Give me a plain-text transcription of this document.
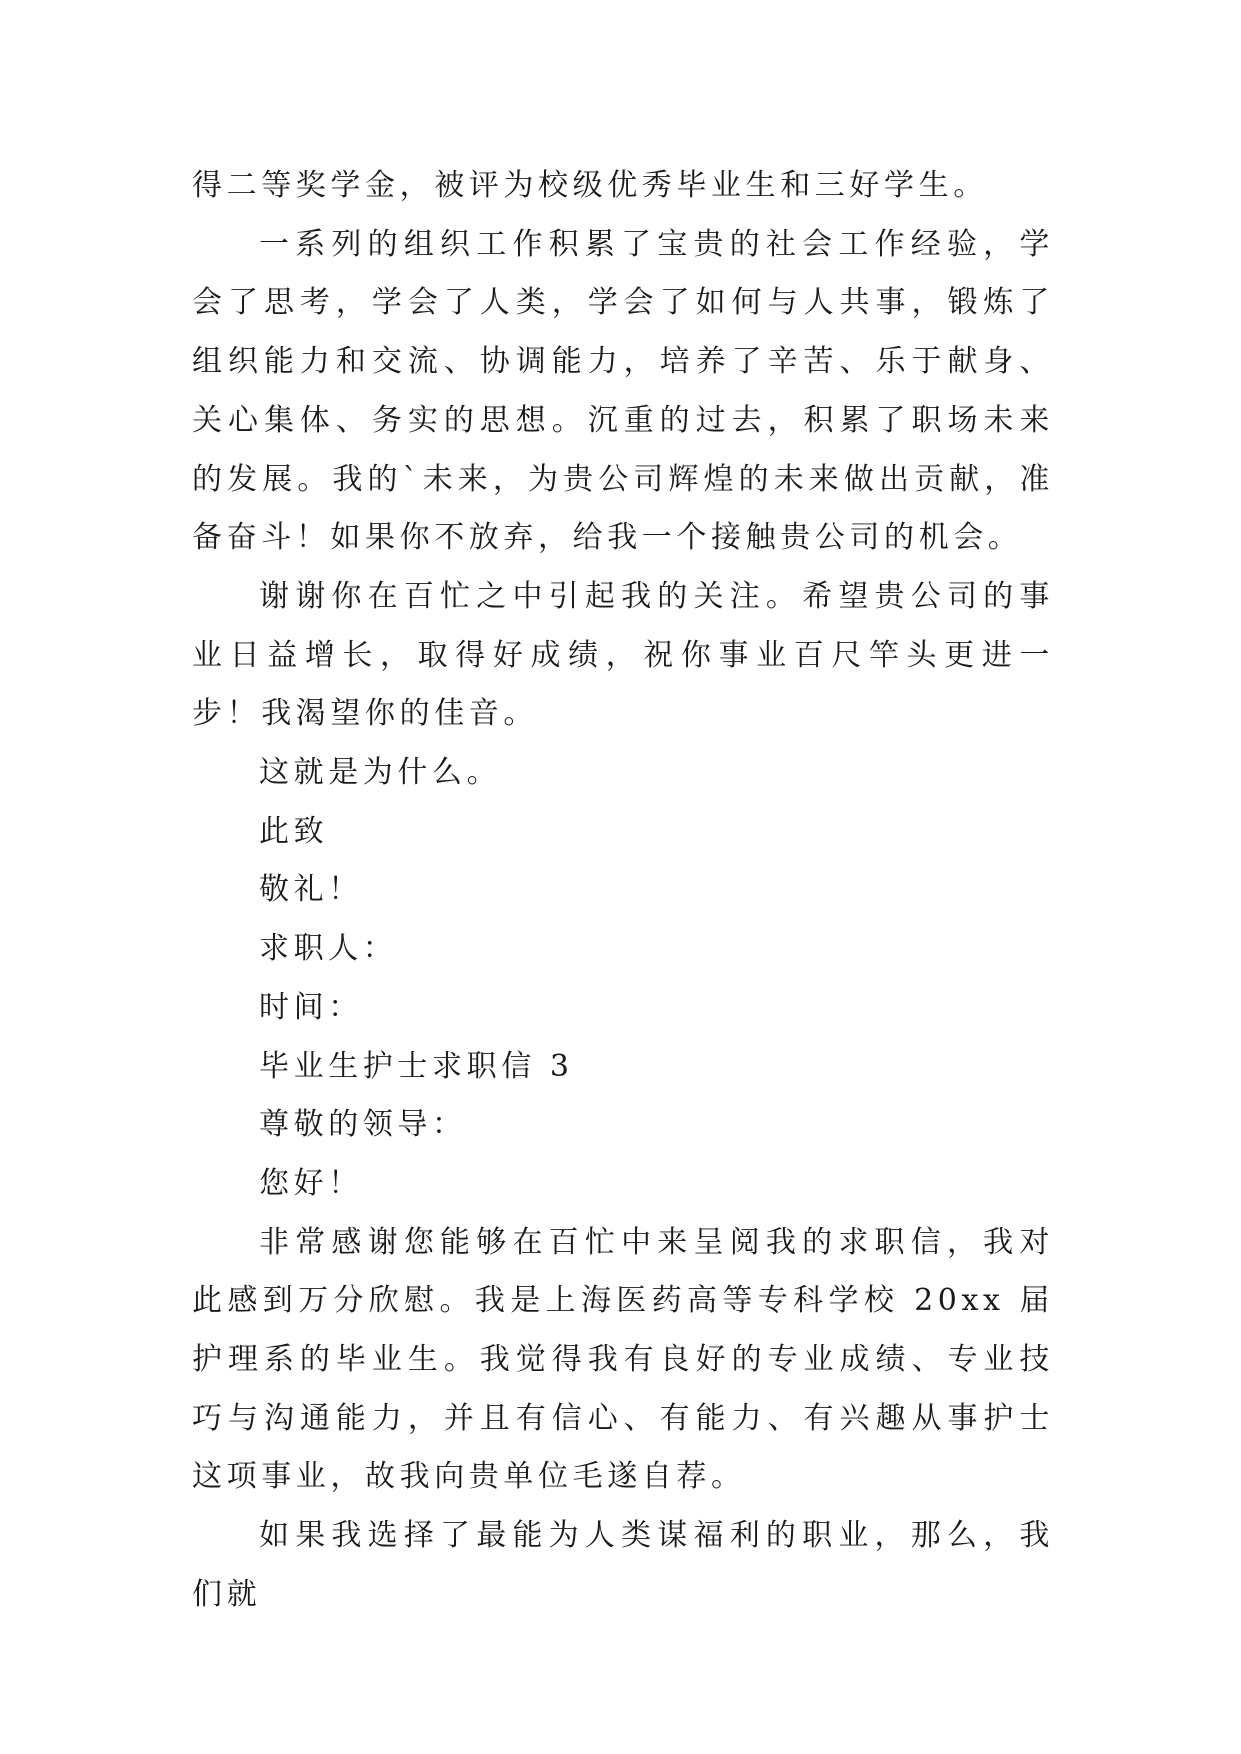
得二等奖学金，被评为校级优秀毕业生和三好学生。

一系列的组织工作积累了宝贵的社会工作经验，学会了思考，学会了人类，学会了如何与人共事，锻炼了组织能力和交流、协调能力，培养了辛苦、乐于献身、关心集体、务实的思想。沉重的过去，积累了职场未来的发展。我的`未来，为贵公司辉煌的未来做出贡献，准备奋斗！如果你不放弃，给我一个接触贵公司的机会。

谢谢你在百忙之中引起我的关注。希望贵公司的事业日益增长，取得好成绩，祝你事业百尺竿头更进一步！我渴望你的佳音。

这就是为什么。

此致

敬礼！

求职人：

时间：

毕业生护士求职信 3

尊敬的领导：

您好！

非常感谢您能够在百忙中来呈阅我的求职信，我对此感到万分欣慰。我是上海医药高等专科学校 20xx 届护理系的毕业生。我觉得我有良好的专业成绩、专业技巧与沟通能力，并且有信心、有能力、有兴趣从事护士这项事业，故我向贵单位毛遂自荐。

如果我选择了最能为人类谋福利的职业，那么，我们就
